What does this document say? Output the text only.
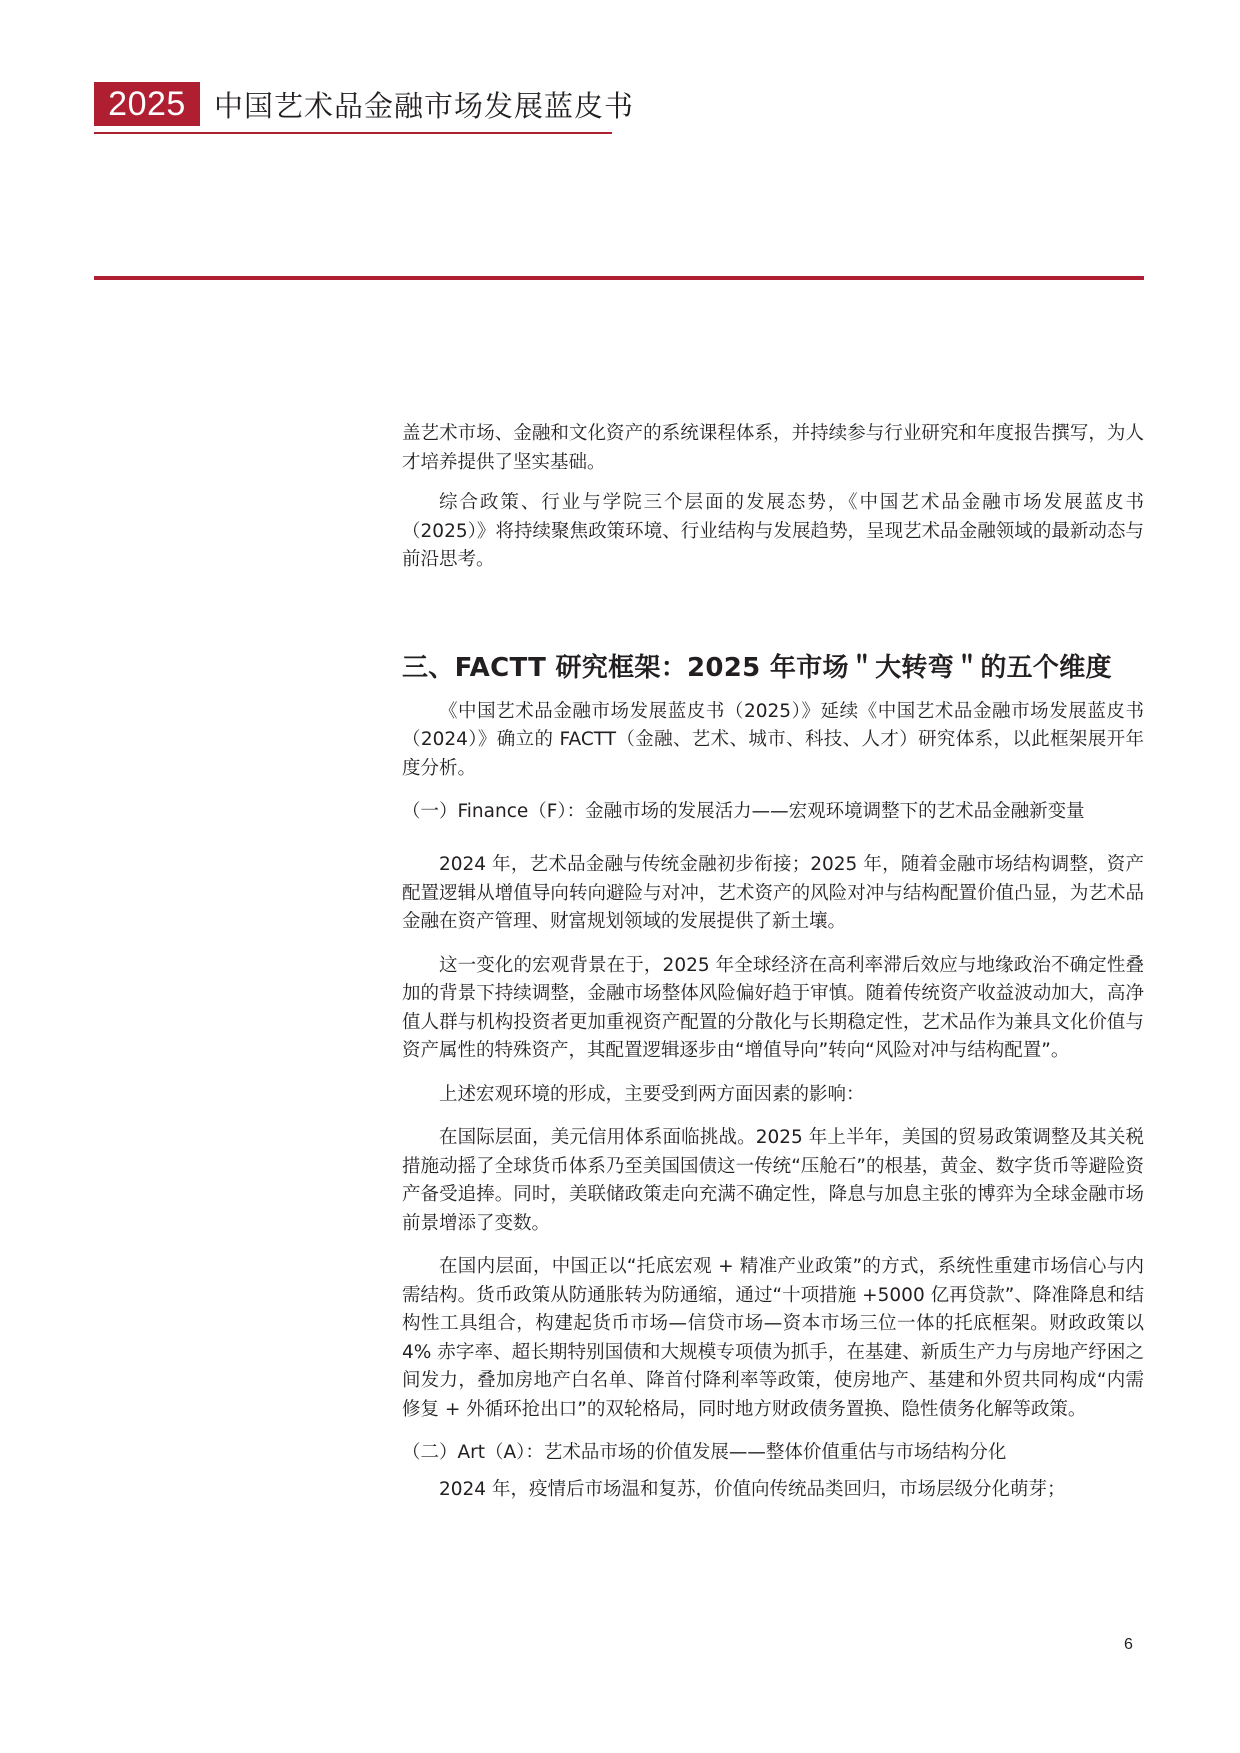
2025 中国艺术品金融市场发展蓝皮书

盖艺术市场、金融和文化资产的系统课程体系，并持续参与行业研究和年度报告撰写，为人才培养提供了坚实基础。

综合政策、行业与学院三个层面的发展态势，《中国艺术品金融市场发展蓝皮书（2025）》将持续聚焦政策环境、行业结构与发展趋势，呈现艺术品金融领域的最新动态与前沿思考。

三、FACTT 研究框架：2025 年市场＂大转弯＂的五个维度

《中国艺术品金融市场发展蓝皮书（2025）》延续《中国艺术品金融市场发展蓝皮书（2024）》确立的 FACTT（金融、艺术、城市、科技、人才）研究体系，以此框架展开年度分析。

（一）Finance（F）：金融市场的发展活力——宏观环境调整下的艺术品金融新变量

2024 年，艺术品金融与传统金融初步衔接；2025 年，随着金融市场结构调整，资产配置逻辑从增值导向转向避险与对冲，艺术资产的风险对冲与结构配置价值凸显，为艺术品金融在资产管理、财富规划领域的发展提供了新土壤。

这一变化的宏观背景在于，2025 年全球经济在高利率滞后效应与地缘政治不确定性叠加的背景下持续调整，金融市场整体风险偏好趋于审慎。随着传统资产收益波动加大，高净值人群与机构投资者更加重视资产配置的分散化与长期稳定性，艺术品作为兼具文化价值与资产属性的特殊资产，其配置逻辑逐步由“增值导向”转向“风险对冲与结构配置”。

上述宏观环境的形成，主要受到两方面因素的影响：

在国际层面，美元信用体系面临挑战。2025 年上半年，美国的贸易政策调整及其关税措施动摇了全球货币体系乃至美国国债这一传统“压舱石”的根基，黄金、数字货币等避险资产备受追捧。同时，美联储政策走向充满不确定性，降息与加息主张的博弈为全球金融市场前景增添了变数。

在国内层面，中国正以“托底宏观 + 精准产业政策”的方式，系统性重建市场信心与内需结构。货币政策从防通胀转为防通缩，通过“十项措施 +5000 亿再贷款”、降准降息和结构性工具组合，构建起货币市场—信贷市场—资本市场三位一体的托底框架。财政政策以 4% 赤字率、超长期特别国债和大规模专项债为抓手，在基建、新质生产力与房地产纾困之间发力，叠加房地产白名单、降首付降利率等政策，使房地产、基建和外贸共同构成“内需修复 + 外循环抢出口”的双轮格局，同时地方财政债务置换、隐性债务化解等政策。

（二）Art（A）：艺术品市场的价值发展——整体价值重估与市场结构分化

2024 年，疫情后市场温和复苏，价值向传统品类回归，市场层级分化萌芽；

6
